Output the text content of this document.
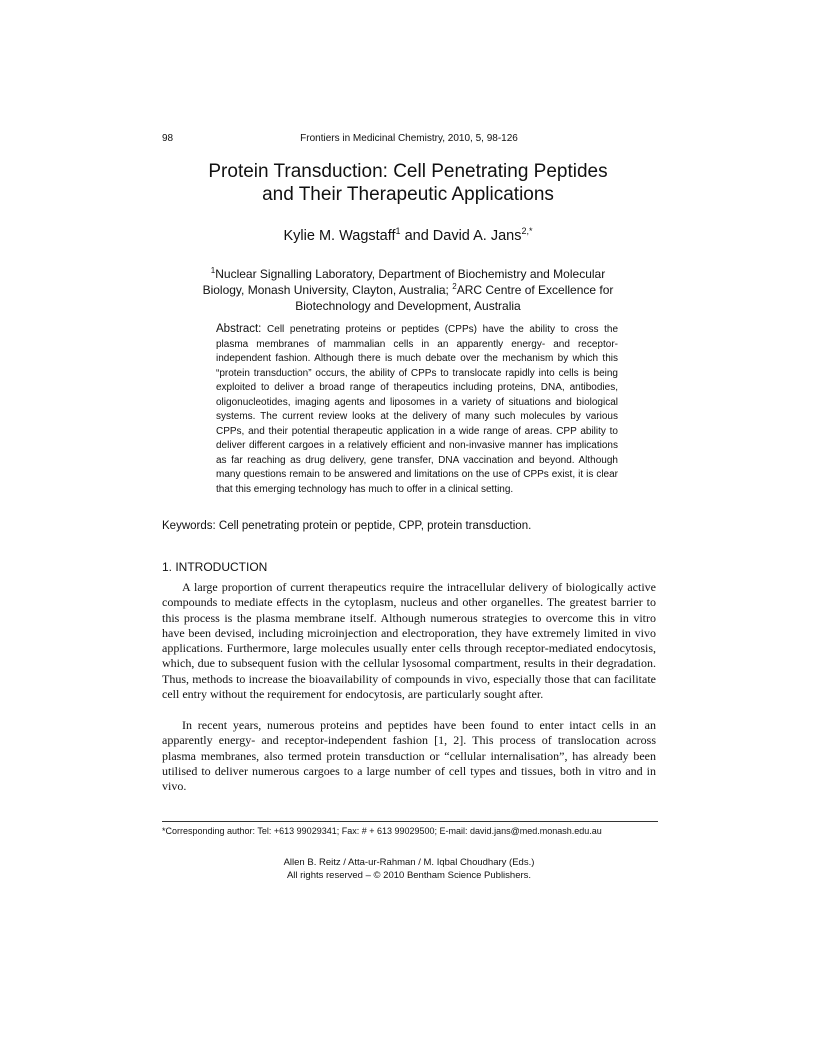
98	Frontiers in Medicinal Chemistry, 2010, 5, 98-126
Protein Transduction: Cell Penetrating Peptides
and Their Therapeutic Applications
Kylie M. Wagstaff$^1$ and David A. Jans$^{2,*}$
$^1$Nuclear Signalling Laboratory, Department of Biochemistry and Molecular Biology, Monash University, Clayton, Australia; $^2$ARC Centre of Excellence for Biotechnology and Development, Australia
Abstract: Cell penetrating proteins or peptides (CPPs) have the ability to cross the plasma membranes of mammalian cells in an apparently energy- and receptor-independent fashion. Although there is much debate over the mechanism by which this “protein transduction” occurs, the ability of CPPs to translocate rapidly into cells is being exploited to deliver a broad range of therapeutics including proteins, DNA, antibodies, oligonucleotides, imaging agents and liposomes in a variety of situations and biological systems. The current review looks at the delivery of many such molecules by various CPPs, and their potential therapeutic application in a wide range of areas. CPP ability to deliver different cargoes in a relatively efficient and non-invasive manner has implications as far reaching as drug delivery, gene transfer, DNA vaccination and beyond. Although many questions remain to be answered and limitations on the use of CPPs exist, it is clear that this emerging technology has much to offer in a clinical setting.
Keywords: Cell penetrating protein or peptide, CPP, protein transduction.
1. INTRODUCTION

A large proportion of current therapeutics require the intracellular delivery of biologically active compounds to mediate effects in the cytoplasm, nucleus and other organelles. The greatest barrier to this process is the plasma membrane itself. Although numerous strategies to overcome this in vitro have been devised, including microinjection and electroporation, they have extremely limited in vivo applications. Furthermore, large molecules usually enter cells through receptor-mediated endocytosis, which, due to subsequent fusion with the cellular lysosomal compartment, results in their degradation. Thus, methods to increase the bioavailability of compounds in vivo, especially those that can facilitate cell entry without the requirement for endocytosis, are particularly sought after.

In recent years, numerous proteins and peptides have been found to enter intact cells in an apparently energy- and receptor-independent fashion [1, 2]. This process of translocation across plasma membranes, also termed protein transduction or “cellular internalisation”, has already been utilised to deliver numerous cargoes to a large number of cell types and tissues, both in vitro and in vivo.

*Corresponding author: Tel: +613 99029341; Fax: # + 613 99029500; E-mail: david.jans@med.monash.edu.au
Allen B. Reitz / Atta-ur-Rahman / M. Iqbal Choudhary (Eds.)
All rights reserved – © 2010 Bentham Science Publishers.
